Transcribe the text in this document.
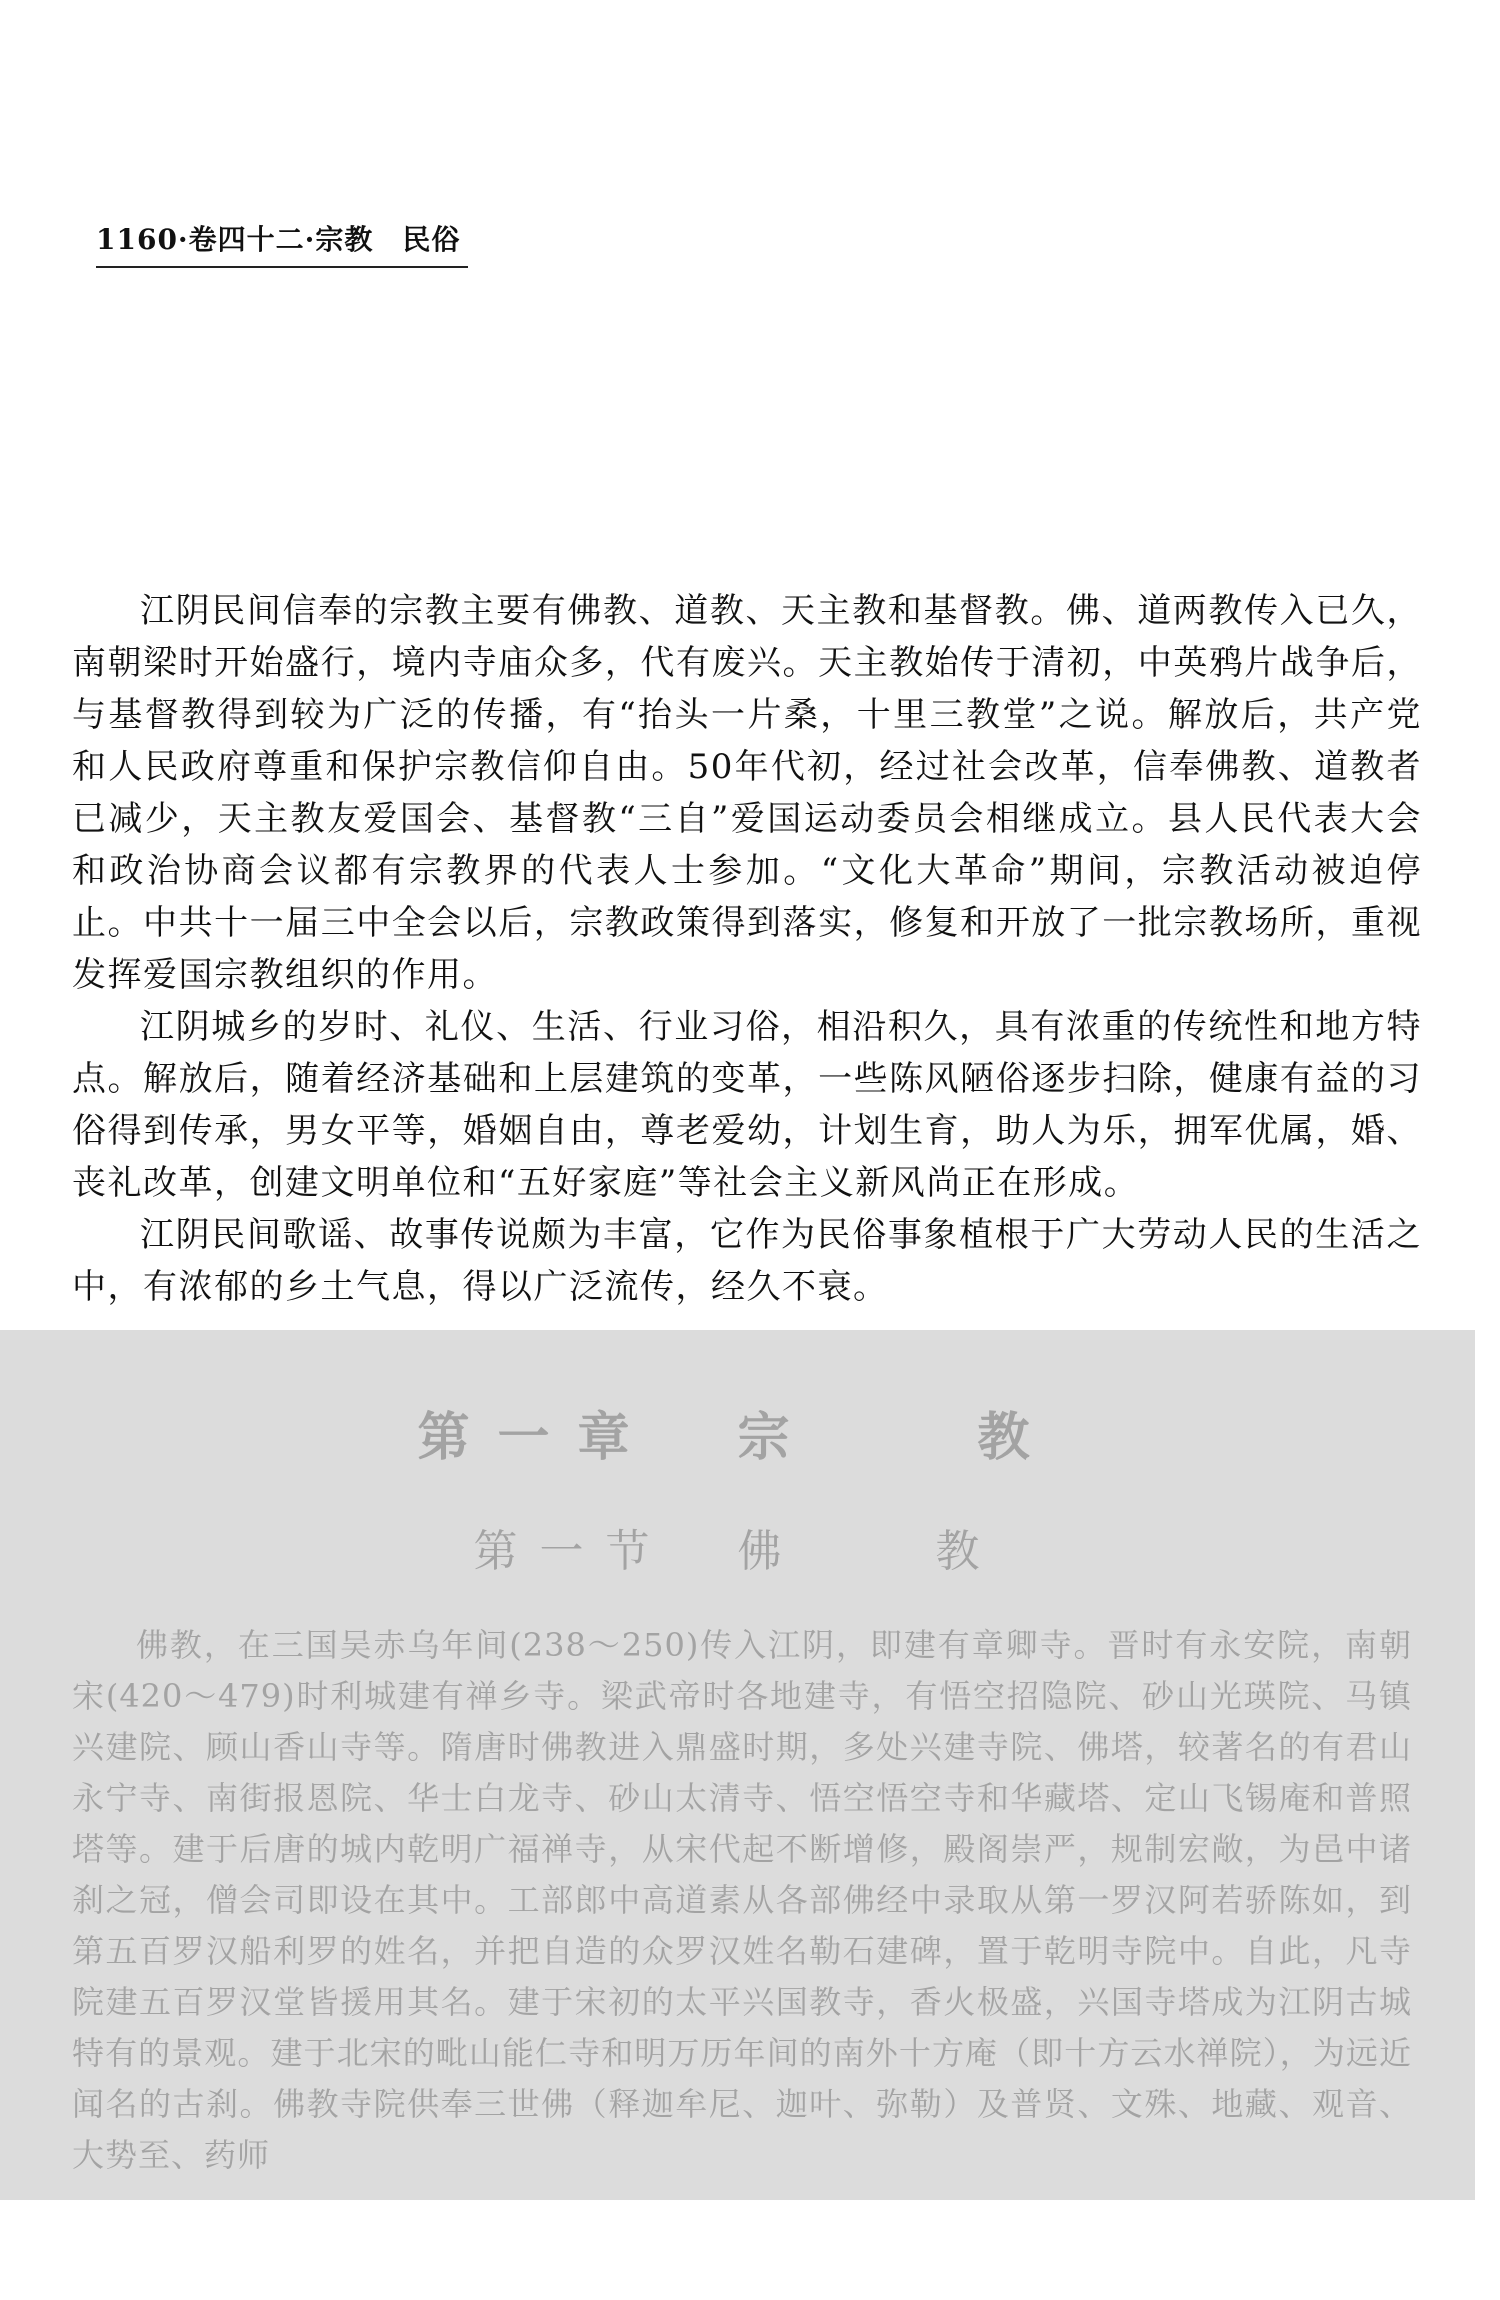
1160·卷四十二·宗教　民俗

江阴民间信奉的宗教主要有佛教、道教、天主教和基督教。佛、道两教传入已久，南朝梁时开始盛行，境内寺庙众多，代有废兴。天主教始传于清初，中英鸦片战争后，与基督教得到较为广泛的传播，有“抬头一片桑，十里三教堂”之说。解放后，共产党和人民政府尊重和保护宗教信仰自由。50年代初，经过社会改革，信奉佛教、道教者已减少，天主教友爱国会、基督教“三自”爱国运动委员会相继成立。县人民代表大会和政治协商会议都有宗教界的代表人士参加。“文化大革命”期间，宗教活动被迫停止。中共十一届三中全会以后，宗教政策得到落实，修复和开放了一批宗教场所，重视发挥爱国宗教组织的作用。

江阴城乡的岁时、礼仪、生活、行业习俗，相沿积久，具有浓重的传统性和地方特点。解放后，随着经济基础和上层建筑的变革，一些陈风陋俗逐步扫除，健康有益的习俗得到传承，男女平等，婚姻自由，尊老爱幼，计划生育，助人为乐，拥军优属，婚、丧礼改革，创建文明单位和“五好家庭”等社会主义新风尚正在形成。

江阴民间歌谣、故事传说颇为丰富，它作为民俗事象植根于广大劳动人民的生活之中，有浓郁的乡土气息，得以广泛流传，经久不衰。

第一章　宗　　教
第一节　佛　　教

佛教，在三国吴赤乌年间(238～250)传入江阴，即建有章卿寺。晋时有永安院，南朝宋(420～479)时利城建有禅乡寺。梁武帝时各地建寺，有悟空招隐院、砂山光瑛院、马镇兴建院、顾山香山寺等。隋唐时佛教进入鼎盛时期，多处兴建寺院、佛塔，较著名的有君山永宁寺、南街报恩院、华士白龙寺、砂山太清寺、悟空悟空寺和华藏塔、定山飞锡庵和普照塔等。建于后唐的城内乾明广福禅寺，从宋代起不断增修，殿阁崇严，规制宏敞，为邑中诸刹之冠，僧会司即设在其中。工部郎中高道素从各部佛经中录取从第一罗汉阿若骄陈如，到第五百罗汉船利罗的姓名，并把自造的众罗汉姓名勒石建碑，置于乾明寺院中。自此，凡寺院建五百罗汉堂皆援用其名。建于宋初的太平兴国教寺，香火极盛，兴国寺塔成为江阴古城特有的景观。建于北宋的毗山能仁寺和明万历年间的南外十方庵（即十方云水禅院），为远近闻名的古刹。佛教寺院供奉三世佛（释迦牟尼、迦叶、弥勒）及普贤、文殊、地藏、观音、大势至、药师
